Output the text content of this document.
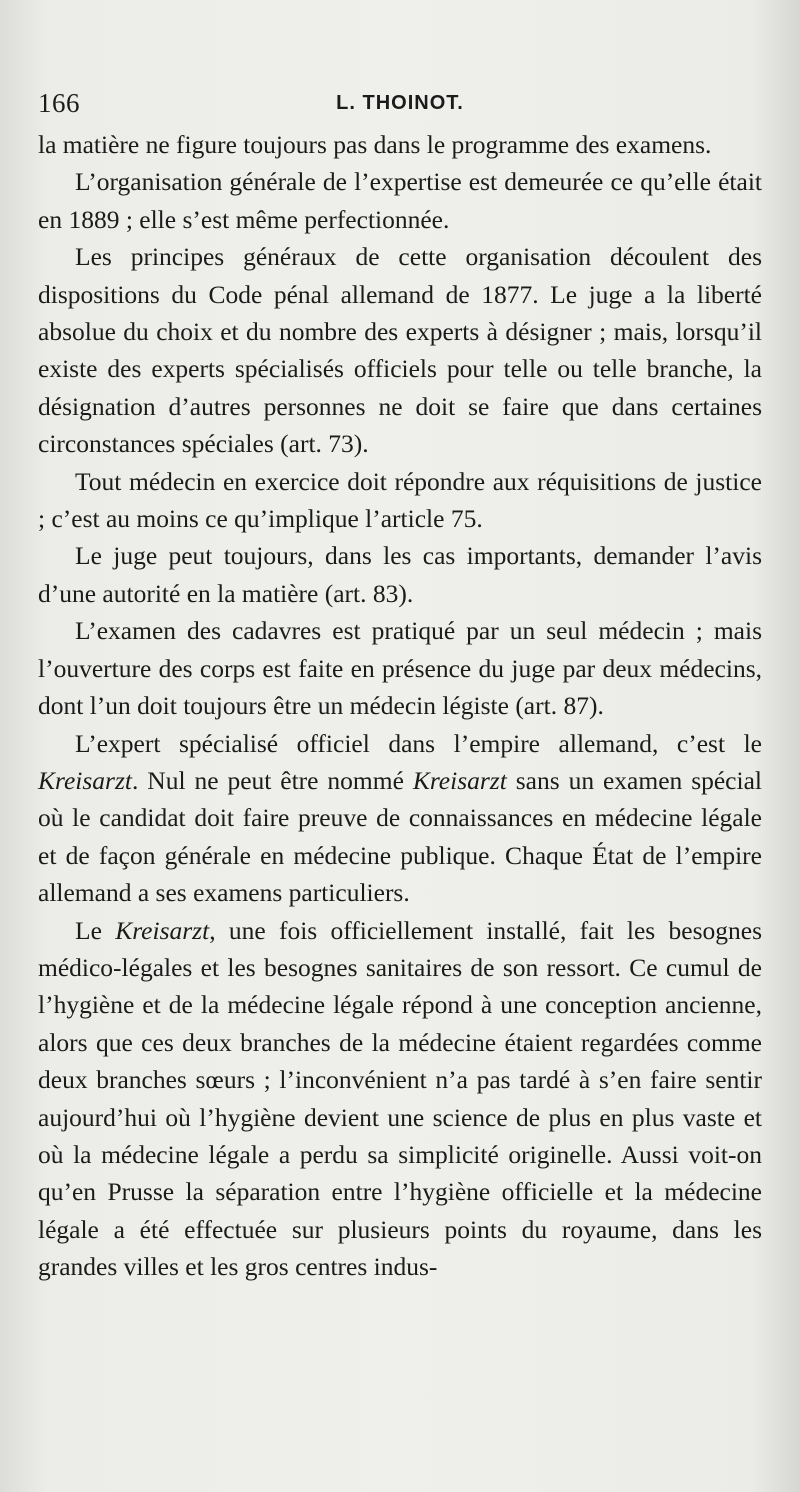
166	L. THOINOT.

la matière ne figure toujours pas dans le programme des examens.

L’organisation générale de l’expertise est demeurée ce qu’elle était en 1889 ; elle s’est même perfectionnée.

Les principes généraux de cette organisation découlent des dispositions du Code pénal allemand de 1877. Le juge a la liberté absolue du choix et du nombre des experts à désigner ; mais, lorsqu’il existe des experts spécialisés officiels pour telle ou telle branche, la désignation d’autres personnes ne doit se faire que dans certaines circonstances spéciales (art. 73).

Tout médecin en exercice doit répondre aux réquisitions de justice ; c’est au moins ce qu’implique l’article 75.

Le juge peut toujours, dans les cas importants, demander l’avis d’une autorité en la matière (art. 83).

L’examen des cadavres est pratiqué par un seul médecin ; mais l’ouverture des corps est faite en présence du juge par deux médecins, dont l’un doit toujours être un médecin légiste (art. 87).

L’expert spécialisé officiel dans l’empire allemand, c’est le Kreisarzt. Nul ne peut être nommé Kreisarzt sans un examen spécial où le candidat doit faire preuve de connaissances en médecine légale et de façon générale en médecine publique. Chaque État de l’empire allemand a ses examens particuliers.

Le Kreisarzt, une fois officiellement installé, fait les besognes médico-légales et les besognes sanitaires de son ressort. Ce cumul de l’hygiène et de la médecine légale répond à une conception ancienne, alors que ces deux branches de la médecine étaient regardées comme deux branches sœurs ; l’inconvénient n’a pas tardé à s’en faire sentir aujourd’hui où l’hygiène devient une science de plus en plus vaste et où la médecine légale a perdu sa simplicité originelle. Aussi voit-on qu’en Prusse la séparation entre l’hygiène officielle et la médecine légale a été effectuée sur plusieurs points du royaume, dans les grandes villes et les gros centres indus-
